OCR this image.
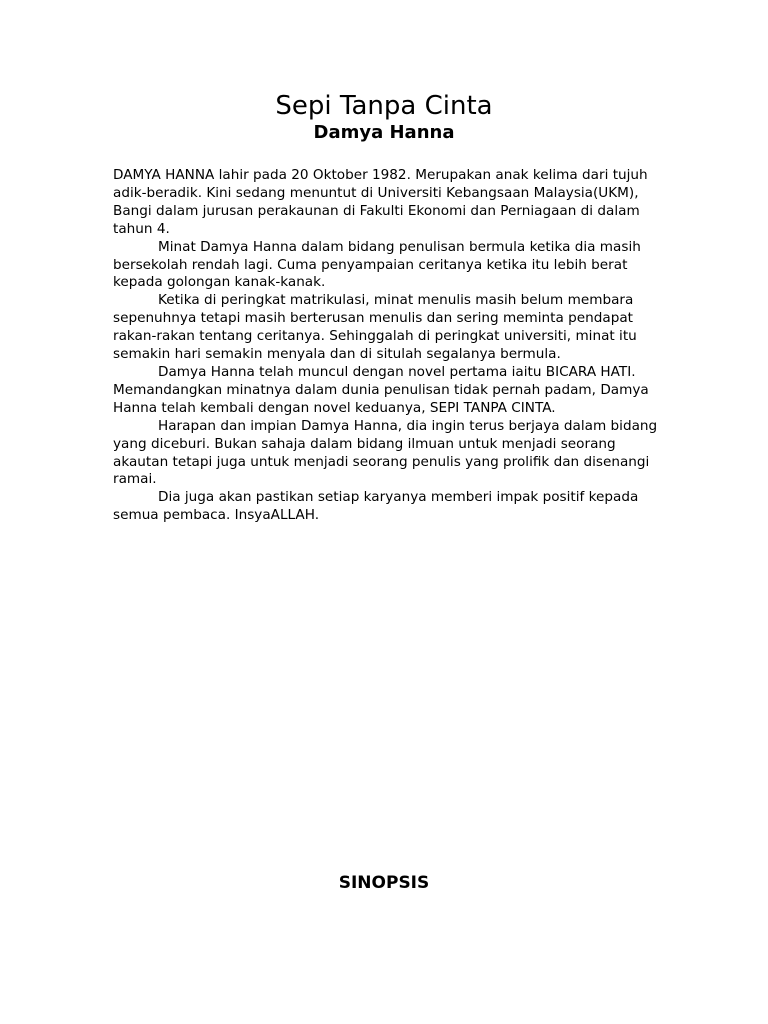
Sepi Tanpa Cinta
Damya Hanna

DAMYA HANNA lahir pada 20 Oktober 1982. Merupakan anak kelima dari tujuh adik-beradik. Kini sedang menuntut di Universiti Kebangsaan Malaysia(UKM), Bangi dalam jurusan perakaunan di Fakulti Ekonomi dan Perniagaan di dalam tahun 4.

Minat Damya Hanna dalam bidang penulisan bermula ketika dia masih bersekolah rendah lagi. Cuma penyampaian ceritanya ketika itu lebih berat kepada golongan kanak-kanak.

Ketika di peringkat matrikulasi, minat menulis masih belum membara sepenuhnya tetapi masih berterusan menulis dan sering meminta pendapat rakan-rakan tentang ceritanya. Sehinggalah di peringkat universiti, minat itu semakin hari semakin menyala dan di situlah segalanya bermula.

Damya Hanna telah muncul dengan novel pertama iaitu BICARA HATI. Memandangkan minatnya dalam dunia penulisan tidak pernah padam, Damya Hanna telah kembali dengan novel keduanya, SEPI TANPA CINTA.

Harapan dan impian Damya Hanna, dia ingin terus berjaya dalam bidang yang diceburi. Bukan sahaja dalam bidang ilmuan untuk menjadi seorang akautan tetapi juga untuk menjadi seorang penulis yang prolifik dan disenangi ramai.

Dia juga akan pastikan setiap karyanya memberi impak positif kepada semua pembaca. InsyaALLAH.

SINOPSIS
